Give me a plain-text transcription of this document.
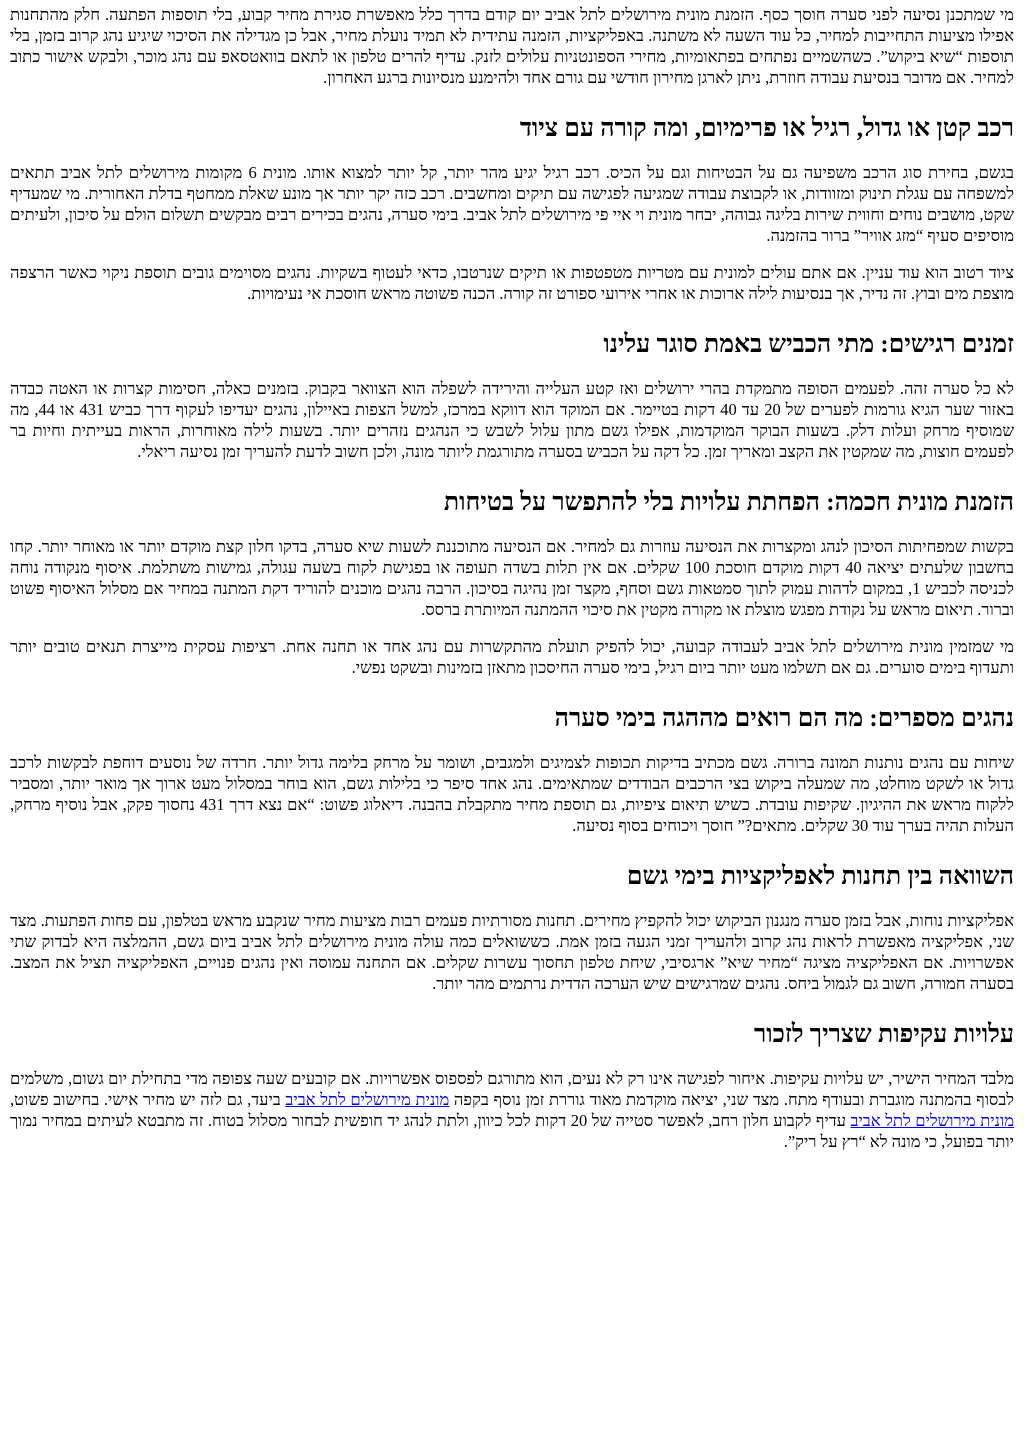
מי שמתכנן נסיעה לפני סערה חוסך כסף. הזמנת מונית מירושלים לתל אביב יום קודם בדרך כלל מאפשרת סגירת מחיר קבוע, בלי תוספות הפתעה. חלק מהתחנות אפילו מציעות התחייבות למחיר, כל עוד השעה לא משתנה. באפליקציות, הזמנה עתידית לא תמיד נועלת מחיר, אבל כן מגדילה את הסיכוי שיגיע נהג קרוב בזמן, בלי תוספות “שיא ביקוש”. כשהשמיים נפתחים בפתאומיות, מחירי הספונטניות עלולים לזנק. עדיף להרים טלפון או לתאם בוואטסאפ עם נהג מוכר, ולבקש אישור כתוב למחיר. אם מדובר בנסיעת עבודה חוזרת, ניתן לארגן מחירון חודשי עם גורם אחד ולהימנע מנסיונות ברגע האחרון.

רכב קטן או גדול, רגיל או פרימיום, ומה קורה עם ציוד

בגשם, בחירת סוג הרכב משפיעה גם על הבטיחות וגם על הכיס. רכב רגיל יגיע מהר יותר, קל יותר למצוא אותו. מונית 6 מקומות מירושלים לתל אביב תתאים למשפחה עם עגלת תינוק ומזוודות, או לקבוצת עבודה שמגיעה לפגישה עם תיקים ומחשבים. רכב כזה יקר יותר אך מונע שאלת ממחטף בדלת האחורית. מי שמעדיף שקט, מושבים נוחים וחווית שירות בליגה גבוהה, יבחר מונית וי איי פי מירושלים לתל אביב. בימי סערה, נהגים בכירים רבים מבקשים תשלום הולם על סיכון, ולעיתים מוסיפים סעיף “מזג אוויר” ברור בהזמנה.

ציוד רטוב הוא עוד עניין. אם אתם עולים למונית עם מטריות מטפטפות או תיקים שנרטבו, כדאי לעטוף בשקיות. נהגים מסוימים גובים תוספת ניקוי כאשר הרצפה מוצפת מים ובוץ. זה נדיר, אך בנסיעות לילה ארוכות או אחרי אירועי ספורט זה קורה. הכנה פשוטה מראש חוסכת אי נעימויות.

זמנים רגישים: מתי הכביש באמת סוגר עלינו

לא כל סערה זהה. לפעמים הסופה מתמקדת בהרי ירושלים ואז קטע העלייה והירידה לשפלה הוא הצוואר בקבוק. בזמנים כאלה, חסימות קצרות או האטה כבדה באזור שער הגיא גורמות לפערים של 20 עד 40 דקות בטיימר. אם המוקד הוא דווקא במרכז, למשל הצפות באיילון, נהגים יעדיפו לעקוף דרך כביש 431 או 44, מה שמוסיף מרחק ועלות דלק. בשעות הבוקר המוקדמות, אפילו גשם מתון עלול לשבש כי הנהגים נזהרים יותר. בשעות לילה מאוחרות, הראות בעייתית וחיות בר לפעמים חוצות, מה שמקטין את הקצב ומאריך זמן. כל דקה על הכביש בסערה מתורגמת ליותר מונה, ולכן חשוב לדעת להעריך זמן נסיעה ריאלי.

הזמנת מונית חכמה: הפחתת עלויות בלי להתפשר על בטיחות

בקשות שמפחיתות הסיכון לנהג ומקצרות את הנסיעה עוזרות גם למחיר. אם הנסיעה מתוכננת לשעות שיא סערה, בדקו חלון קצת מוקדם יותר או מאוחר יותר. קחו בחשבון שלעתים יציאה 40 דקות מוקדם חוסכת 100 שקלים. אם אין תלות בשדה תעופה או בפגישת לקוח בשעה עגולה, גמישות משתלמת. איסוף מנקודה נוחה לכניסה לכביש 1, במקום לדהות עמוק לתוך סמטאות גשם וסחף, מקצר זמן נהיגה בסיכון. הרבה נהגים מוכנים להוריד דקת המתנה במחיר אם מסלול האיסוף פשוט וברור. תיאום מראש על נקודת מפגש מוצלת או מקורה מקטין את סיכוי ההמתנה המיותרת ברסס.

מי שמזמין מונית מירושלים לתל אביב לעבודה קבועה, יכול להפיק תועלת מהתקשרות עם נהג אחד או תחנה אחת. רציפות עסקית מייצרת תנאים טובים יותר ותעדוף בימים סוערים. גם אם תשלמו מעט יותר ביום רגיל, בימי סערה החיסכון מתאזן בזמינות ובשקט נפשי.

נהגים מספרים: מה הם רואים מההגה בימי סערה

שיחות עם נהגים נותנות תמונה ברורה. גשם מכתיב בדיקות תכופות לצמיגים ולמגבים, ושומר על מרחק בלימה גדול יותר. חרדה של נוסעים דוחפת לבקשות לרכב גדול או לשקט מוחלט, מה שמעלה ביקוש בצי הרכבים הבודדים שמתאימים. נהג אחד סיפר כי בלילות גשם, הוא בוחר במסלול מעט ארוך אך מואר יותר, ומסביר ללקוח מראש את ההיגיון. שקיפות עובדת. כשיש תיאום ציפיות, גם תוספת מחיר מתקבלת בהבנה. דיאלוג פשוט: “אם נצא דרך 431 נחסוך פקק, אבל נוסיף מרחק, העלות תהיה בערך עוד 30 שקלים. מתאים?” חוסך ויכוחים בסוף נסיעה.

השוואה בין תחנות לאפליקציות בימי גשם

אפליקציות נוחות, אבל בזמן סערה מנגנון הביקוש יכול להקפיץ מחירים. תחנות מסורתיות פעמים רבות מציעות מחיר שנקבע מראש בטלפון, עם פחות הפתעות. מצד שני, אפליקציה מאפשרת לראות נהג קרוב ולהעריך זמני הגעה בזמן אמת. כששואלים כמה עולה מונית מירושלים לתל אביב ביום גשם, ההמלצה היא לבדוק שתי אפשרויות. אם האפליקציה מציגה “מחיר שיא” ארגסיבי, שיחת טלפון תחסוך עשרות שקלים. אם התחנה עמוסה ואין נהגים פנויים, האפליקציה תציל את המצב. בסערה חמורה, חשוב גם לגמול ביחס. נהגים שמרגישים שיש הערכה הדדית נרתמים מהר יותר.

עלויות עקיפות שצריך לזכור

מלבד המחיר הישיר, יש עלויות עקיפות. איחור לפגישה אינו רק לא נעים, הוא מתורגם לפספוס אפשרויות. אם קובעים שעה צפופה מדי בתחילת יום גשום, משלמים לבסוף בהמתנה מוגברת ובעודף מתח. מצד שני, יציאה מוקדמת מאוד גוררת זמן נוסף בקפה מונית מירושלים לתל אביב ביעד, גם לזה יש מחיר אישי. בחישוב פשוט, מונית מירושלים לתל אביב עדיף לקבוע חלון רחב, לאפשר סטייה של 20 דקות לכל כיוון, ולתת לנהג יד חופשית לבחור מסלול בטוח. זה מתבטא לעיתים במחיר נמוך יותר בפועל, כי מונה לא “רץ על ריק”.
